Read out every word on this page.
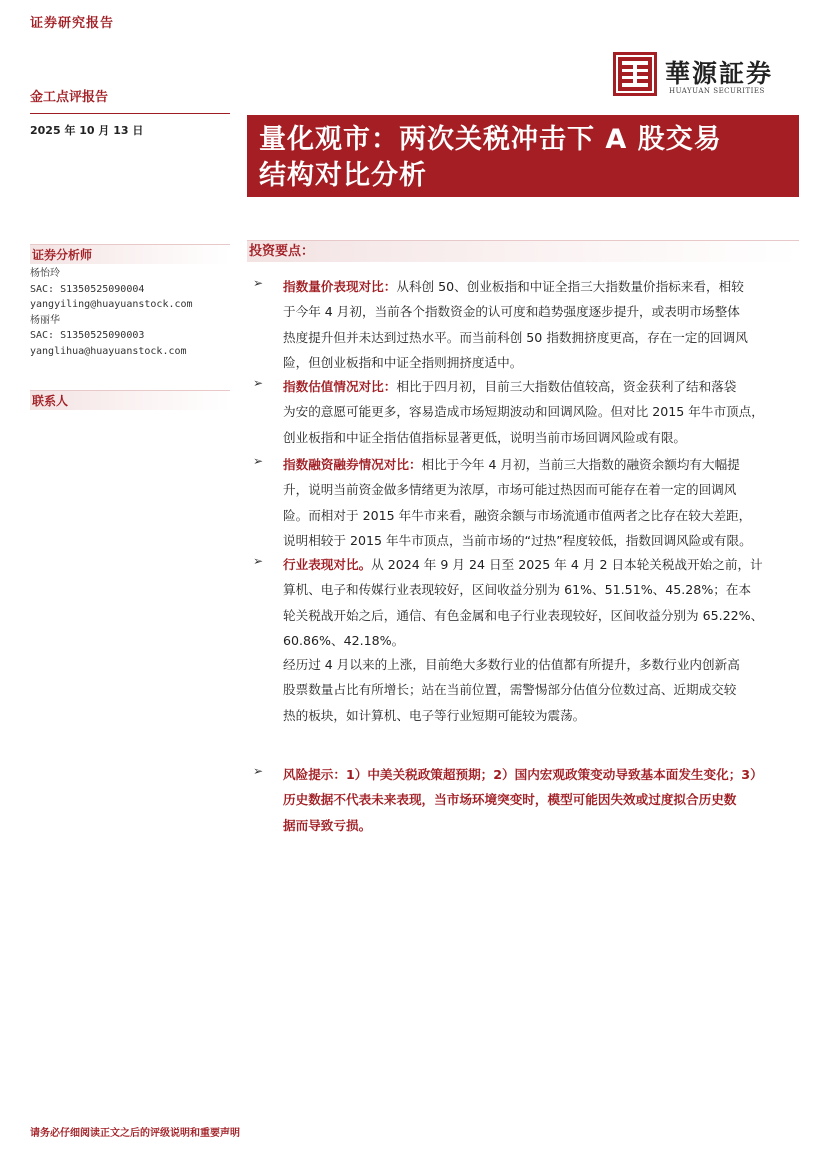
证券研究报告
華源証券
HUAYUAN SECURITIES
金工点评报告
2025 年 10 月 13 日	量化观市：两次关税冲击下 A 股交易
结构对比分析
证券分析师
杨怡玲
SAC: S1350525090004
yangyiling@huayuanstock.com
杨丽华
SAC: S1350525090003
yanglihua@huayuanstock.com
联系人
投资要点：
➢ 指数量价表现对比：从科创 50、创业板指和中证全指三大指数量价指标来看，相较
于今年 4 月初，当前各个指数资金的认可度和趋势强度逐步提升，或表明市场整体
热度提升但并未达到过热水平。而当前科创 50 指数拥挤度更高，存在一定的回调风
险，但创业板指和中证全指则拥挤度适中。
➢ 指数估值情况对比：相比于四月初，目前三大指数估值较高，资金获利了结和落袋
为安的意愿可能更多，容易造成市场短期波动和回调风险。但对比 2015 年牛市顶点，
创业板指和中证全指估值指标显著更低，说明当前市场回调风险或有限。
➢ 指数融资融券情况对比：相比于今年 4 月初，当前三大指数的融资余额均有大幅提
升，说明当前资金做多情绪更为浓厚，市场可能过热因而可能存在着一定的回调风
险。而相对于 2015 年牛市来看，融资余额与市场流通市值两者之比存在较大差距，
说明相较于 2015 年牛市顶点，当前市场的“过热”程度较低，指数回调风险或有限。
➢ 行业表现对比。从 2024 年 9 月 24 日至 2025 年 4 月 2 日本轮关税战开始之前，计
算机、电子和传媒行业表现较好，区间收益分别为 61%、51.51%、45.28%；在本
轮关税战开始之后，通信、有色金属和电子行业表现较好，区间收益分别为 65.22%、
60.86%、42.18%。
经历过 4 月以来的上涨，目前绝大多数行业的估值都有所提升，多数行业内创新高
股票数量占比有所增长；站在当前位置，需警惕部分估值分位数过高、近期成交较
热的板块，如计算机、电子等行业短期可能较为震荡。
➢ 风险提示：1）中美关税政策超预期；2）国内宏观政策变动导致基本面发生变化；3）
历史数据不代表未来表现，当市场环境突变时，模型可能因失效或过度拟合历史数
据而导致亏损。
请务必仔细阅读正文之后的评级说明和重要声明
